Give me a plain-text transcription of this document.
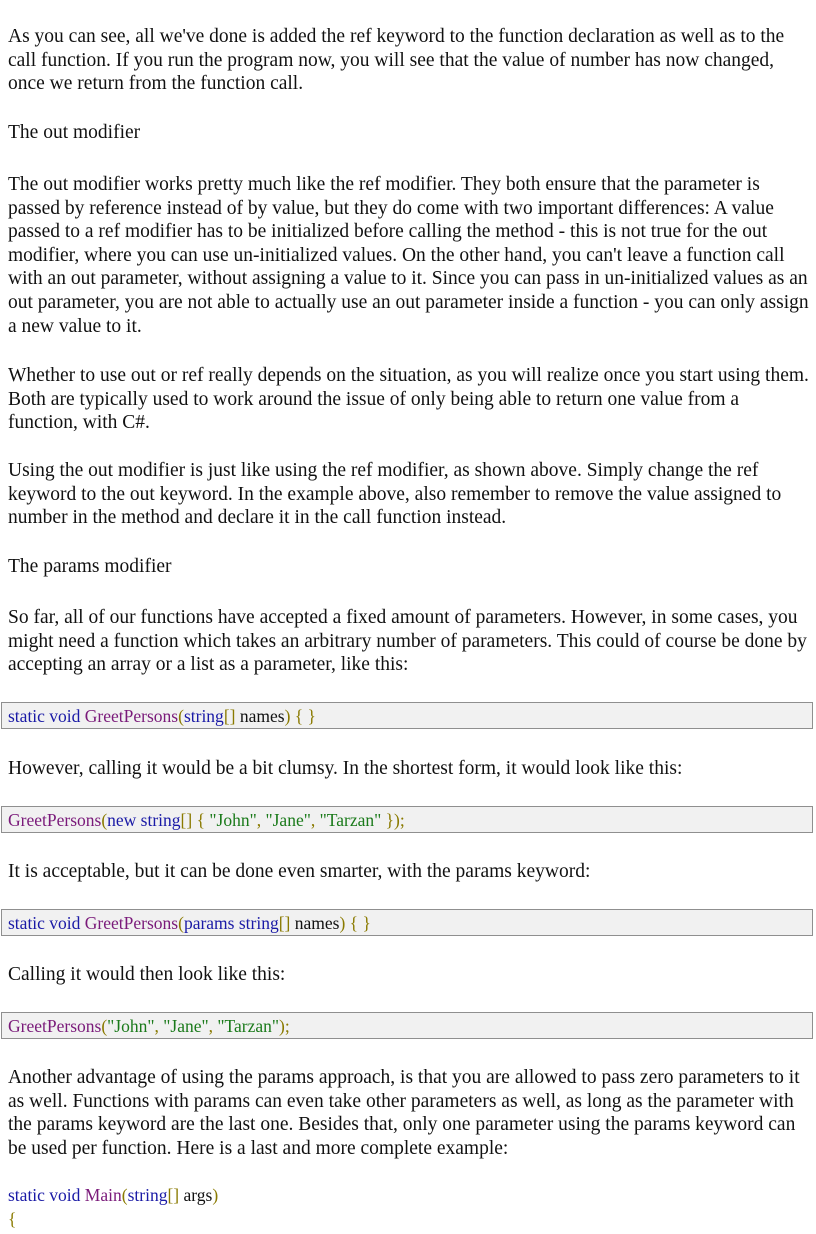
As you can see, all we've done is added the ref keyword to the function declaration as well as to the call function. If you run the program now, you will see that the value of number has now changed, once we return from the function call.

The out modifier

The out modifier works pretty much like the ref modifier. They both ensure that the parameter is passed by reference instead of by value, but they do come with two important differences: A value passed to a ref modifier has to be initialized before calling the method - this is not true for the out modifier, where you can use un-initialized values. On the other hand, you can't leave a function call with an out parameter, without assigning a value to it. Since you can pass in un-initialized values as an out parameter, you are not able to actually use an out parameter inside a function - you can only assign a new value to it.

Whether to use out or ref really depends on the situation, as you will realize once you start using them. Both are typically used to work around the issue of only being able to return one value from a function, with C#.

Using the out modifier is just like using the ref modifier, as shown above. Simply change the ref keyword to the out keyword. In the example above, also remember to remove the value assigned to number in the method and declare it in the call function instead.

The params modifier

So far, all of our functions have accepted a fixed amount of parameters. However, in some cases, you might need a function which takes an arbitrary number of parameters. This could of course be done by accepting an array or a list as a parameter, like this:

static void GreetPersons(string[] names) { }

However, calling it would be a bit clumsy. In the shortest form, it would look like this:

GreetPersons(new string[] { "John", "Jane", "Tarzan" });

It is acceptable, but it can be done even smarter, with the params keyword:

static void GreetPersons(params string[] names) { }

Calling it would then look like this:

GreetPersons("John", "Jane", "Tarzan");

Another advantage of using the params approach, is that you are allowed to pass zero parameters to it as well. Functions with params can even take other parameters as well, as long as the parameter with the params keyword are the last one. Besides that, only one parameter using the params keyword can be used per function. Here is a last and more complete example:

static void Main(string[] args)
{
